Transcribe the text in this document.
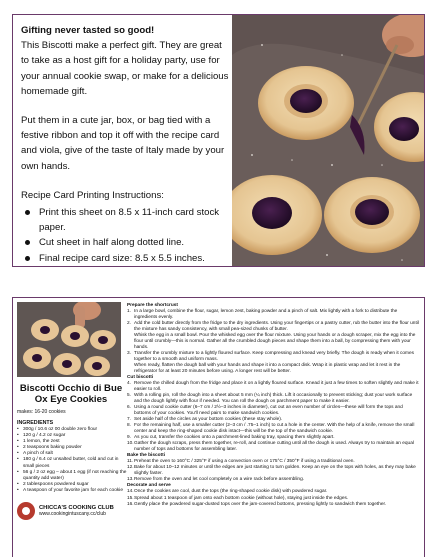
Gifting never tasted so good!
This Biscotti make a perfect gift. They are great to take as a host gift for a holiday party, use for your annual cookie swap, or make for a delicious homemade gift.

Put them in a cute jar, box, or bag tied with a festive ribbon and top it off with the recipe card and viola, give of the taste of Italy made by your own hands.

Recipe Card Printing Instructions:
Print this sheet on 8.5 x 11-inch card stock paper.
Cut sheet in half along dotted line.
Final recipe card size: 8.5 x 5.5 inches.
Biscotti Occhio di Bue Ox Eye Cookies
makes: 16-20 cookies
INGREDIENTS
• 300g / 10.6 oz 00 double zero flour
• 120 g / 4.2 oz sugar
• 1 lemon, the zest
• 2 teaspoons baking powder
• A pinch of salt
• 180 g / 6.4 oz unsalted butter, cold and cut in small pieces
• 56 g / 2 oz egg – about 1 egg (if not reaching the quantity add water)
• 2 tablespoons powdered sugar
• A teaspoon of your favorite jam for each cookie
CHICCA'S COOKING CLUB
www.cookingintuscany.cc/club
Prepare the shortcrust
1. In a large bowl, combine the flour, sugar, lemon zest, baking powder and a pinch of salt. Mix lightly with a fork to distribute the ingredients evenly.
2. Add the cold butter directly from the fridge to the dry ingredients. Using your fingertips or a pastry cutter, rub the butter into the flour until the mixture has sandy consistency, with small pea-sized chunks of butter.
Whisk the egg in a small bowl. Pour the whisked egg over the flour mixture. Using your hands or a dough scraper, mix the egg into the flour until crumbly—this is normal. Gather all the crumbled dough pieces and shape them into a ball, by compressing them with your hands.
3. Transfer the crumbly mixture to a lightly floured surface. Keep compressing and knead very briefly. The dough is ready when it comes together to a smooth and uniform mass.
When ready, flatten the dough ball with your hands and shape it into a compact disk. Wrap it in plastic wrap and let it rest in the refrigerator for at least 20 minutes before using. A longer rest will be better.
Cut biscotti
4. Remove the chilled dough from the fridge and place it on a lightly floured surface. Knead it just a few times to soften slightly and make it easier to roll.
5. With a rolling pin, roll the dough into a sheet about 5 mm (¼ inch) thick. Lift it occasionally to prevent sticking; dust your work surface and the dough lightly with flour if needed. You can roll the dough on parchment paper to make it easier.
6. Using a round cookie cutter (6–7 cm / 2½–3 inches in diameter), cut out an even number of circles—these will form the tops and bottoms of your cookies. You'll need pairs to make sandwich cookies.
7. Set aside half of the circles as your bottom cookies (these stay whole).
8. For the remaining half, use a smaller cutter (2–3 cm / .75–1 inch) to cut a hole in the center. With the help of a knife, remove the small center and keep the ring-shaped cookie disk intact—this will be the top of the sandwich cookie.
9. As you cut, transfer the cookies onto a parchment-lined baking tray, spacing them slightly apart.
10. Gather the dough scraps, press them together, re-roll, and continue cutting until all the dough is used. Always try to maintain an equal number of tops and bottoms for assembling later.
Bake the biscotti
11. Preheat the oven to 160°C / 325°F if using a convection oven or 175°C / 350°F if using a traditional oven.
12. Bake for about 10–12 minutes or until the edges are just starting to turn golden. Keep an eye on the tops with holes, as they may bake slightly faster.
13. Remove from the oven and let cool completely on a wire rack before assembling.
Decorate and serve
14. Once the cookies are cool, dust the tops (the ring-shaped cookie disk) with powdered sugar.
15. Spread about 1 teaspoon of jam onto each bottom cookie (without hole), staying just inside the edges.
16. Gently place the powdered sugar-dusted tops over the jam-covered bottoms, pressing lightly to sandwich them together.
